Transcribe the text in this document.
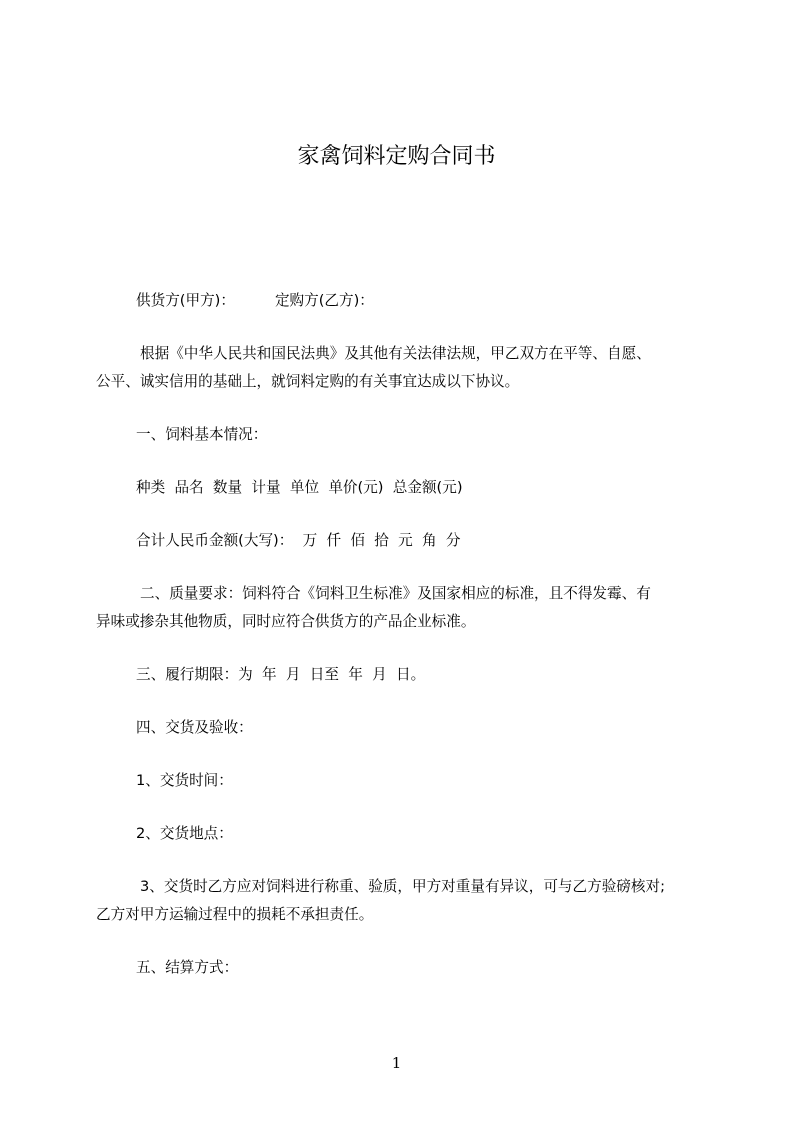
家禽饲料定购合同书
供货方(甲方)：	定购方(乙方)：
根据《中华人民共和国民法典》及其他有关法律法规，甲乙双方在平等、自愿、
公平、诚实信用的基础上，就饲料定购的有关事宜达成以下协议。
一、饲料基本情况：
种类  品名  数量  计量  单位  单价(元)  总金额(元)
合计人民币金额(大写)：  万  仟  佰  拾  元  角  分
二、质量要求：饲料符合《饲料卫生标准》及国家相应的标准，且不得发霉、有
异味或掺杂其他物质，同时应符合供货方的产品企业标准。
三、履行期限：为  年  月  日至  年  月  日。
四、交货及验收：
1、交货时间：
2、交货地点：
3、交货时乙方应对饲料进行称重、验质，甲方对重量有异议，可与乙方验磅核对;
乙方对甲方运输过程中的损耗不承担责任。
五、结算方式：
1
